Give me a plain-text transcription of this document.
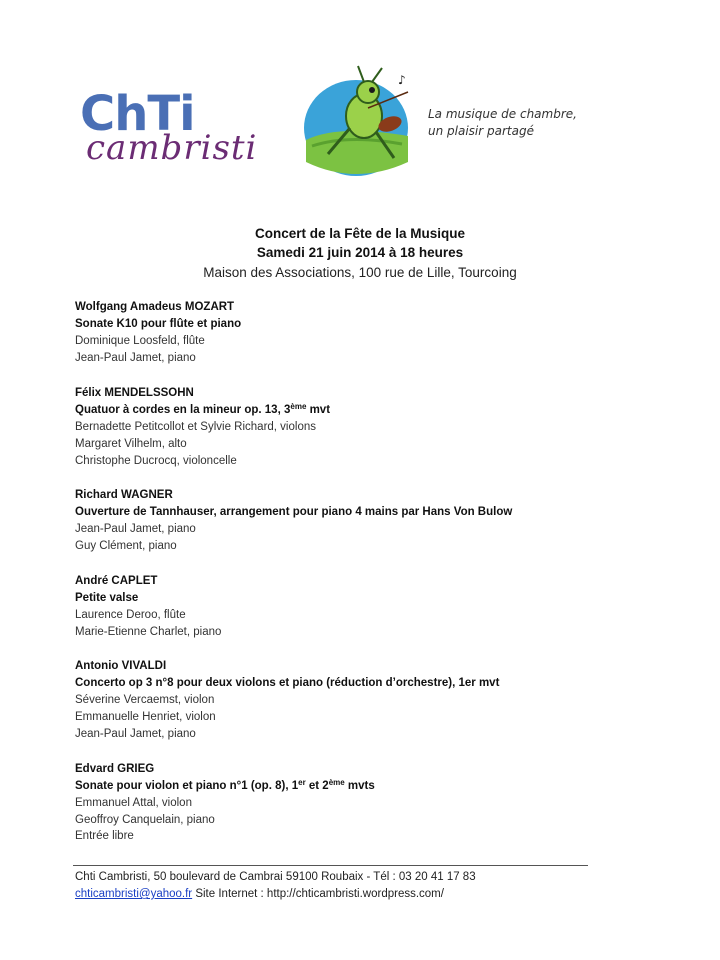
ChTi
cambristi
♪
La musique de chambre,
un plaisir partagé
Concert de la Fête de la Musique
Samedi 21 juin 2014 à 18 heures
Maison des Associations, 100 rue de Lille, Tourcoing
Wolfgang Amadeus MOZART
Sonate K10 pour flûte et piano
Dominique Loosfeld, flûte
Jean-Paul Jamet, piano
Félix MENDELSSOHN
Quatuor à cordes en la mineur op. 13, 3ème mvt
Bernadette Petitcollot et Sylvie Richard, violons
Margaret Vilhelm, alto
Christophe Ducrocq, violoncelle
Richard WAGNER
Ouverture de Tannhauser, arrangement pour piano 4 mains par Hans Von Bulow
Jean-Paul Jamet, piano
Guy Clément, piano
André CAPLET
Petite valse
Laurence Deroo, flûte
Marie-Etienne Charlet, piano
Antonio VIVALDI
Concerto op 3 n°8 pour deux violons et piano (réduction d’orchestre), 1er mvt
Séverine Vercaemst, violon
Emmanuelle Henriet, violon
Jean-Paul Jamet, piano
Edvard GRIEG
Sonate pour violon et piano n°1 (op. 8), 1er et 2ème mvts
Emmanuel Attal, violon
Geoffroy Canquelain, piano
Entrée libre
Chti Cambristi, 50 boulevard de Cambrai 59100 Roubaix - Tél : 03 20 41 17 83
chticambristi@yahoo.fr Site Internet : http://chticambristi.wordpress.com/
